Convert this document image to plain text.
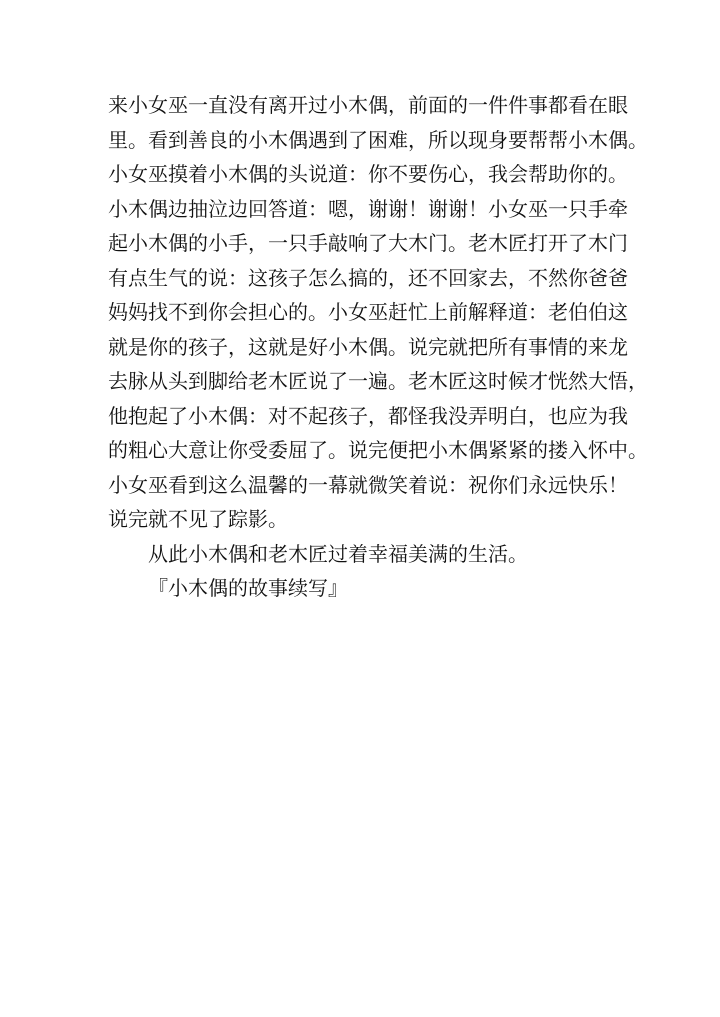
来小女巫一直没有离开过小木偶，前面的一件件事都看在眼
里。看到善良的小木偶遇到了困难，所以现身要帮帮小木偶。
小女巫摸着小木偶的头说道：你不要伤心，我会帮助你的。
小木偶边抽泣边回答道：嗯，谢谢！谢谢！小女巫一只手牵
起小木偶的小手，一只手敲响了大木门。老木匠打开了木门
有点生气的说：这孩子怎么搞的，还不回家去，不然你爸爸
妈妈找不到你会担心的。小女巫赶忙上前解释道：老伯伯这
就是你的孩子，这就是好小木偶。说完就把所有事情的来龙
去脉从头到脚给老木匠说了一遍。老木匠这时候才恍然大悟，
他抱起了小木偶：对不起孩子，都怪我没弄明白，也应为我
的粗心大意让你受委屈了。说完便把小木偶紧紧的搂入怀中。
小女巫看到这么温馨的一幕就微笑着说：祝你们永远快乐！
说完就不见了踪影。
从此小木偶和老木匠过着幸福美满的生活。
『小木偶的故事续写』
